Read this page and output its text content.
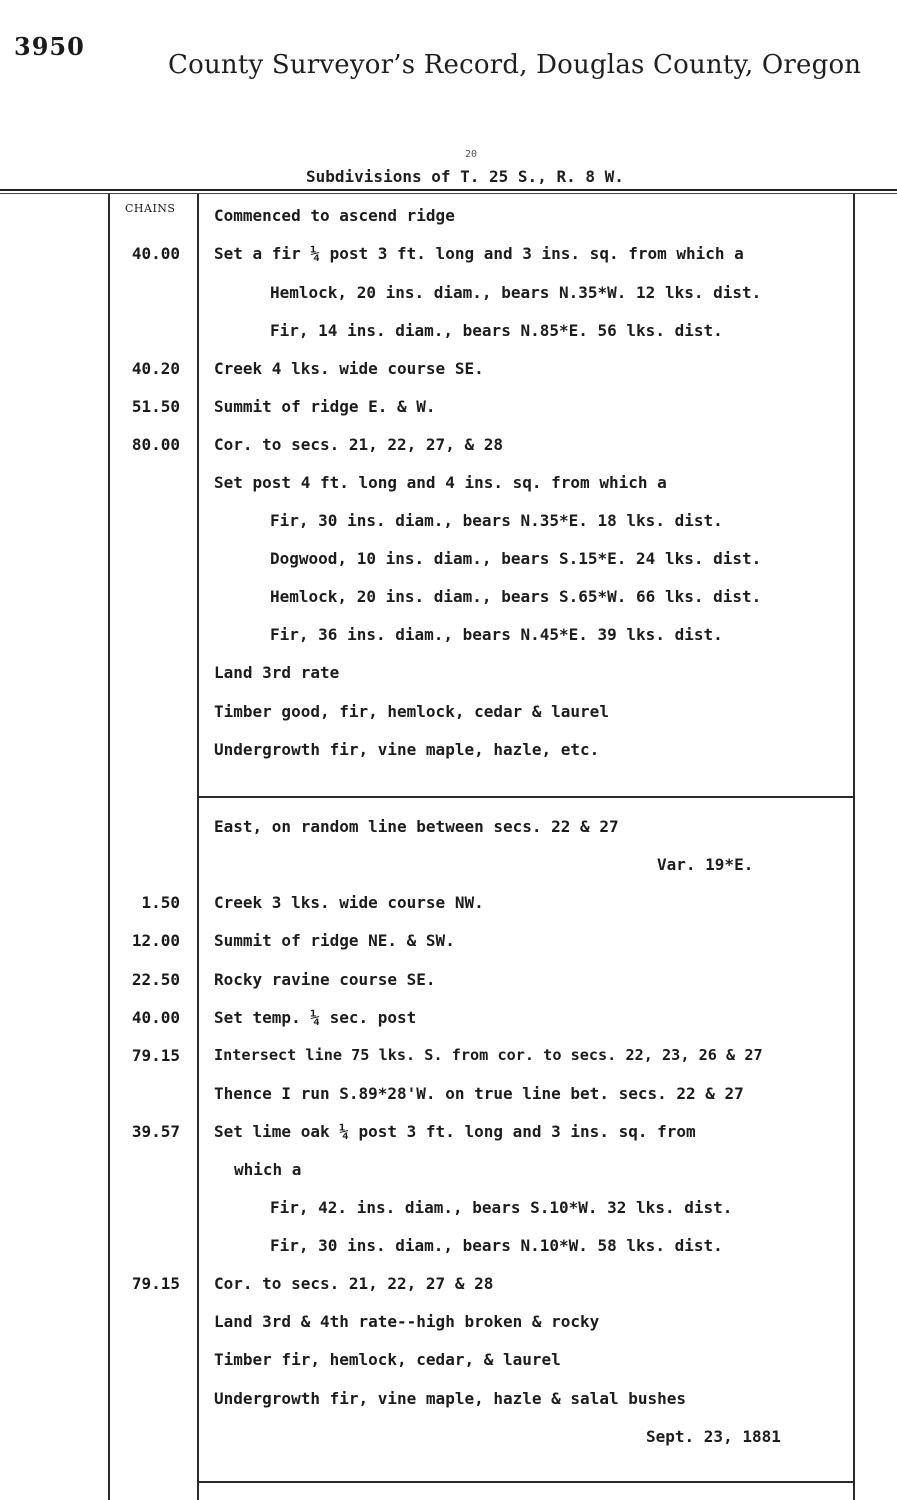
3950
County Surveyor’s Record, Douglas County, Oregon
20
Subdivisions of T. 25 S., R. 8 W.
CHAINS Commenced to ascend ridge
40.00 Set a fir ¼ post 3 ft. long and 3 ins. sq. from which a
Hemlock, 20 ins. diam., bears N.35*W. 12 lks. dist.
Fir, 14 ins. diam., bears N.85*E. 56 lks. dist.
40.20 Creek 4 lks. wide course SE.
51.50 Summit of ridge E. & W.
80.00 Cor. to secs. 21, 22, 27, & 28
Set post 4 ft. long and 4 ins. sq. from which a
Fir, 30 ins. diam., bears N.35*E. 18 lks. dist.
Dogwood, 10 ins. diam., bears S.15*E. 24 lks. dist.
Hemlock, 20 ins. diam., bears S.65*W. 66 lks. dist.
Fir, 36 ins. diam., bears N.45*E. 39 lks. dist.
Land 3rd rate
Timber good, fir, hemlock, cedar & laurel
Undergrowth fir, vine maple, hazle, etc.
East, on random line between secs. 22 & 27
Var. 19*E.
1.50 Creek 3 lks. wide course NW.
12.00 Summit of ridge NE. & SW.
22.50 Rocky ravine course SE.
40.00 Set temp. ¼ sec. post
79.15 Intersect line 75 lks. S. from cor. to secs. 22, 23, 26 & 27
Thence I run S.89*28'W. on true line bet. secs. 22 & 27
39.57 Set lime oak ¼ post 3 ft. long and 3 ins. sq. from
which a
Fir, 42. ins. diam., bears S.10*W. 32 lks. dist.
Fir, 30 ins. diam., bears N.10*W. 58 lks. dist.
79.15 Cor. to secs. 21, 22, 27 & 28
Land 3rd & 4th rate--high broken & rocky
Timber fir, hemlock, cedar, & laurel
Undergrowth fir, vine maple, hazle & salal bushes
Sept. 23, 1881
